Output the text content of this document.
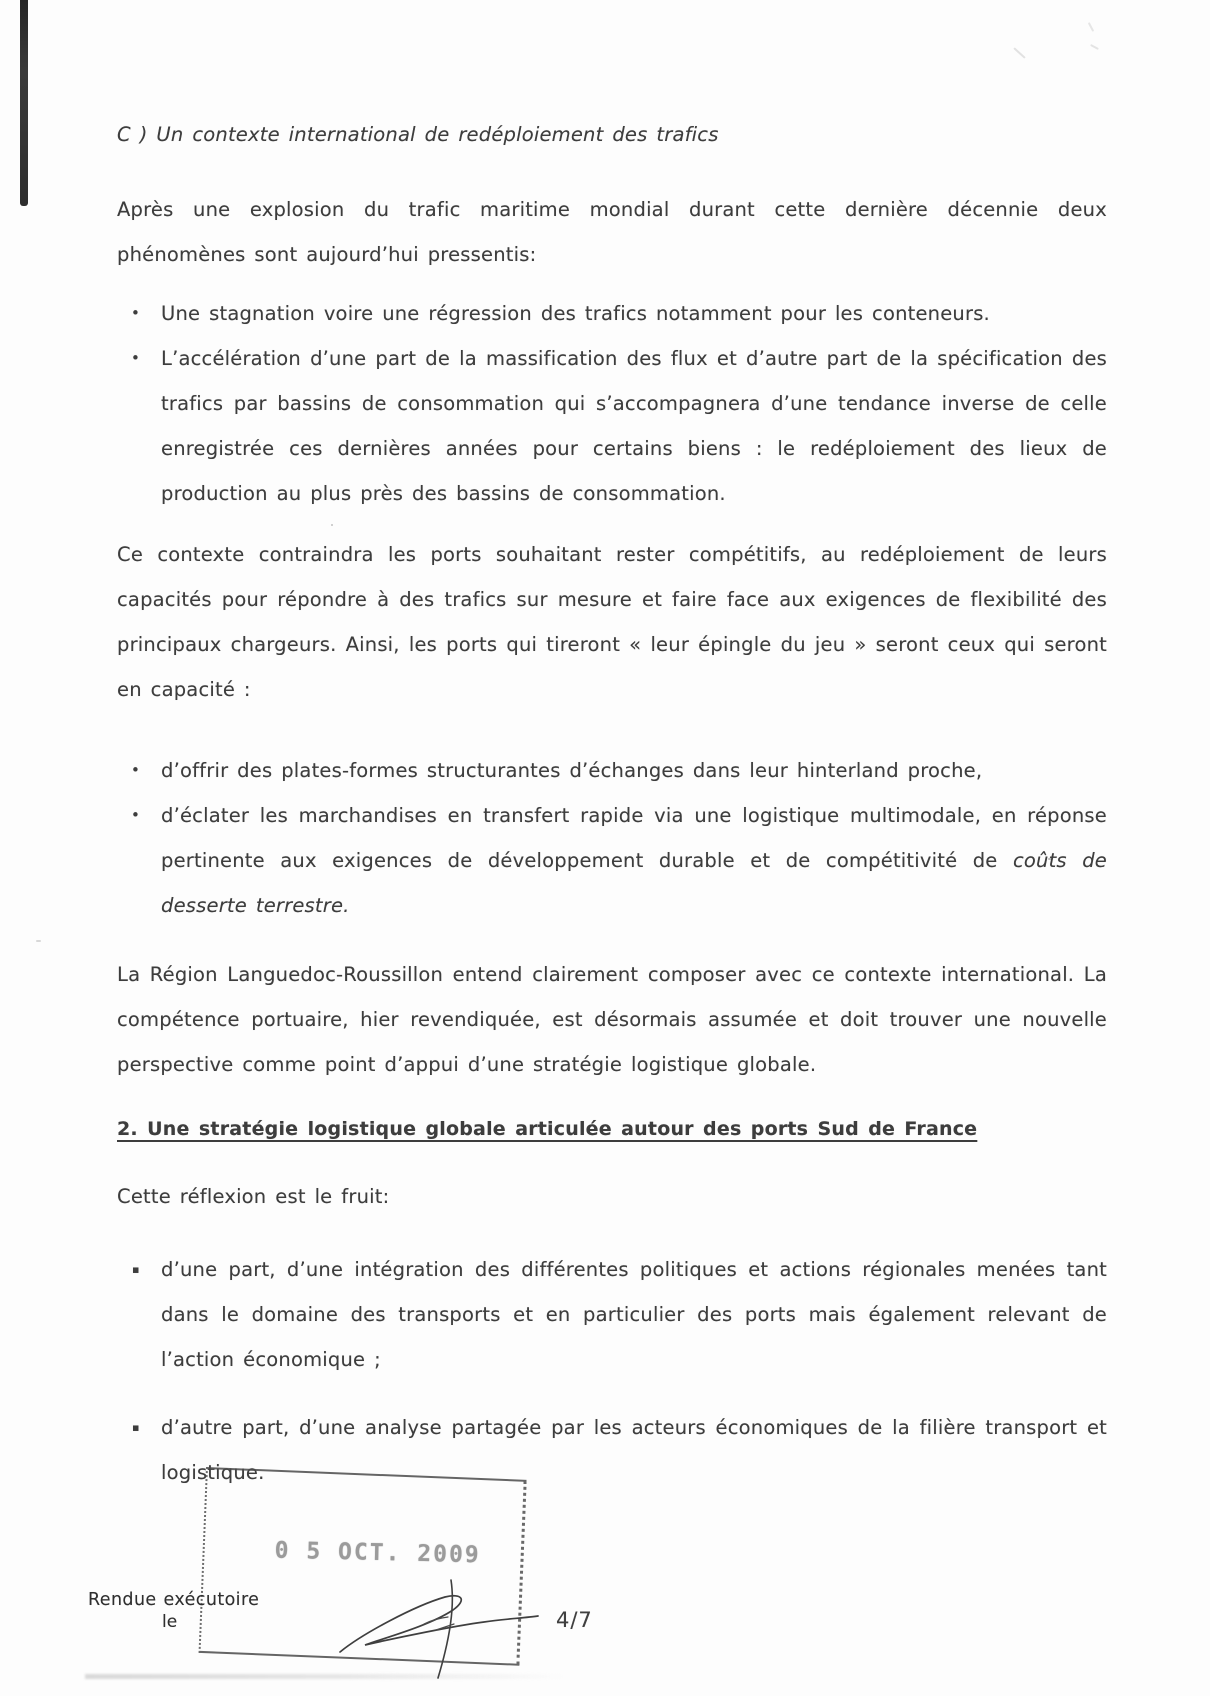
C ) Un contexte international de redéploiement des trafics

Après une explosion du trafic maritime mondial durant cette dernière décennie deux phénomènes sont aujourd’hui pressentis:

• Une stagnation voire une régression des trafics notamment pour les conteneurs.
• L’accélération d’une part de la massification des flux et d’autre part de la spécification des trafics par bassins de consommation qui s’accompagnera d’une tendance inverse de celle enregistrée ces dernières années pour certains biens : le redéploiement des lieux de production au plus près des bassins de consommation.

Ce contexte contraindra les ports souhaitant rester compétitifs, au redéploiement de leurs capacités pour répondre à des trafics sur mesure et faire face aux exigences de flexibilité des principaux chargeurs. Ainsi, les ports qui tireront « leur épingle du jeu » seront ceux qui seront en capacité :

• d’offrir des plates-formes structurantes d’échanges dans leur hinterland proche,
• d’éclater les marchandises en transfert rapide via une logistique multimodale, en réponse pertinente aux exigences de développement durable et de compétitivité de coûts de desserte terrestre.

La Région Languedoc-Roussillon entend clairement composer avec ce contexte international. La compétence portuaire, hier revendiquée, est désormais assumée et doit trouver une nouvelle perspective comme point d’appui d’une stratégie logistique globale.

2. Une stratégie logistique globale articulée autour des ports Sud de France

Cette réflexion est le fruit:

▪ d’une part, d’une intégration des différentes politiques et actions régionales menées tant dans le domaine des transports et en particulier des ports mais également relevant de l’action économique ;
▪ d’autre part, d’une analyse partagée par les acteurs économiques de la filière transport et logistique.
0 5 OCT. 2009
Rendue exécutoire
le	4/7
